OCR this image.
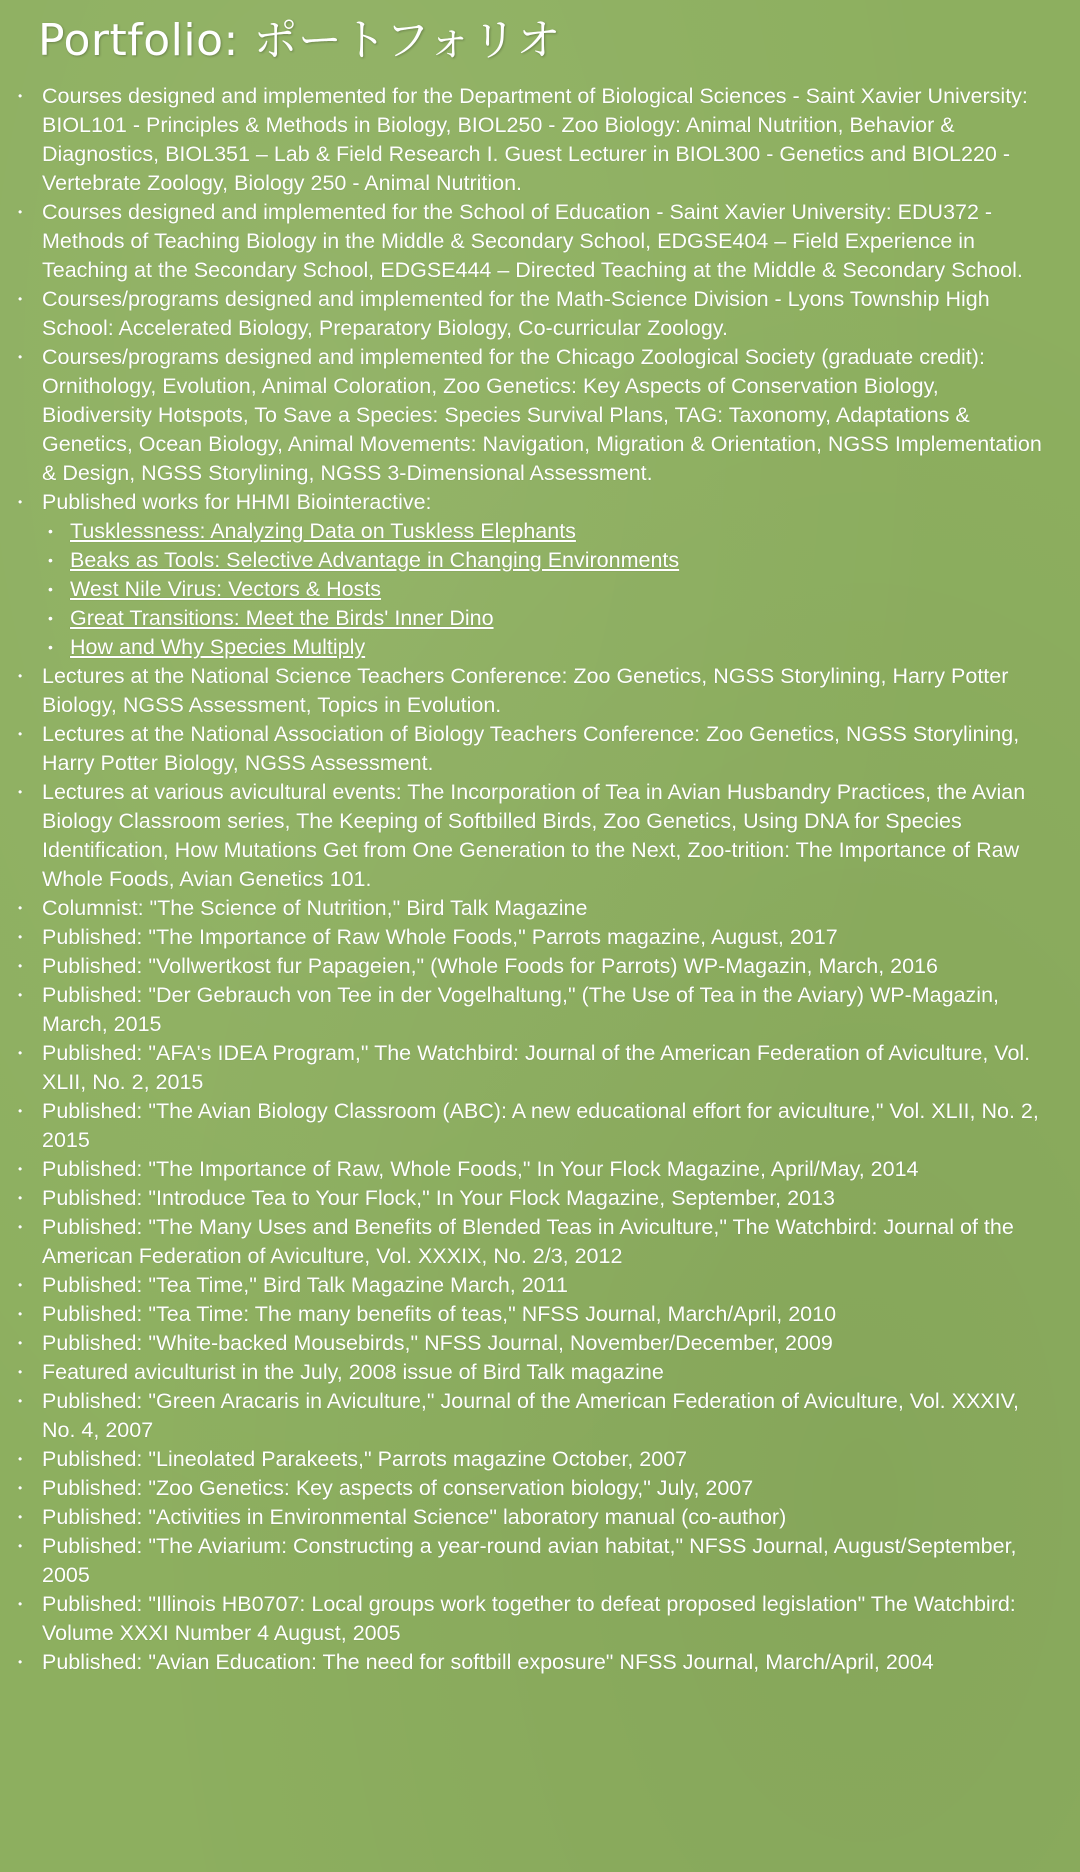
Portfolio: ポートフォリオ
• Courses designed and implemented for the Department of Biological Sciences - Saint Xavier University: BIOL101 - Principles & Methods in Biology, BIOL250 - Zoo Biology: Animal Nutrition, Behavior & Diagnostics, BIOL351 – Lab & Field Research I. Guest Lecturer in BIOL300 - Genetics and BIOL220 - Vertebrate Zoology, Biology 250 - Animal Nutrition.
• Courses designed and implemented for the School of Education - Saint Xavier University: EDU372 - Methods of Teaching Biology in the Middle & Secondary School, EDGSE404 – Field Experience in Teaching at the Secondary School, EDGSE444 – Directed Teaching at the Middle & Secondary School.
• Courses/programs designed and implemented for the Math-Science Division - Lyons Township High School: Accelerated Biology, Preparatory Biology, Co-curricular Zoology.
• Courses/programs designed and implemented for the Chicago Zoological Society (graduate credit): Ornithology, Evolution, Animal Coloration, Zoo Genetics: Key Aspects of Conservation Biology, Biodiversity Hotspots, To Save a Species: Species Survival Plans, TAG: Taxonomy, Adaptations & Genetics, Ocean Biology, Animal Movements: Navigation, Migration & Orientation, NGSS Implementation & Design, NGSS Storylining, NGSS 3-Dimensional Assessment.
• Published works for HHMI Biointeractive:
• Tusklessness: Analyzing Data on Tuskless Elephants
• Beaks as Tools: Selective Advantage in Changing Environments
• West Nile Virus: Vectors & Hosts
• Great Transitions: Meet the Birds' Inner Dino
• How and Why Species Multiply
• Lectures at the National Science Teachers Conference: Zoo Genetics, NGSS Storylining, Harry Potter Biology, NGSS Assessment, Topics in Evolution.
• Lectures at the National Association of Biology Teachers Conference: Zoo Genetics, NGSS Storylining, Harry Potter Biology, NGSS Assessment.
• Lectures at various avicultural events: The Incorporation of Tea in Avian Husbandry Practices, the Avian Biology Classroom series, The Keeping of Softbilled Birds, Zoo Genetics, Using DNA for Species Identification, How Mutations Get from One Generation to the Next, Zoo-trition: The Importance of Raw Whole Foods, Avian Genetics 101.
• Columnist: "The Science of Nutrition," Bird Talk Magazine
• Published: "The Importance of Raw Whole Foods," Parrots magazine, August, 2017
• Published: "Vollwertkost fur Papageien," (Whole Foods for Parrots) WP-Magazin, March, 2016
• Published: "Der Gebrauch von Tee in der Vogelhaltung," (The Use of Tea in the Aviary) WP-Magazin, March, 2015
• Published: "AFA's IDEA Program," The Watchbird: Journal of the American Federation of Aviculture, Vol. XLII, No. 2, 2015
• Published: "The Avian Biology Classroom (ABC): A new educational effort for aviculture," Vol. XLII, No. 2, 2015
• Published: "The Importance of Raw, Whole Foods," In Your Flock Magazine, April/May, 2014
• Published: "Introduce Tea to Your Flock," In Your Flock Magazine, September, 2013
• Published: "The Many Uses and Benefits of Blended Teas in Aviculture," The Watchbird: Journal of the American Federation of Aviculture, Vol. XXXIX, No. 2/3, 2012
• Published: "Tea Time," Bird Talk Magazine March, 2011
• Published: "Tea Time: The many benefits of teas," NFSS Journal, March/April, 2010
• Published: "White-backed Mousebirds," NFSS Journal, November/December, 2009
• Featured aviculturist in the July, 2008 issue of Bird Talk magazine
• Published: "Green Aracaris in Aviculture," Journal of the American Federation of Aviculture, Vol. XXXIV, No. 4, 2007
• Published: "Lineolated Parakeets," Parrots magazine October, 2007
• Published: "Zoo Genetics: Key aspects of conservation biology," July, 2007
• Published: "Activities in Environmental Science" laboratory manual (co-author)
• Published: "The Aviarium: Constructing a year-round avian habitat," NFSS Journal, August/September, 2005
• Published: "Illinois HB0707: Local groups work together to defeat proposed legislation" The Watchbird: Volume XXXI Number 4 August, 2005
• Published: "Avian Education: The need for softbill exposure" NFSS Journal, March/April, 2004
